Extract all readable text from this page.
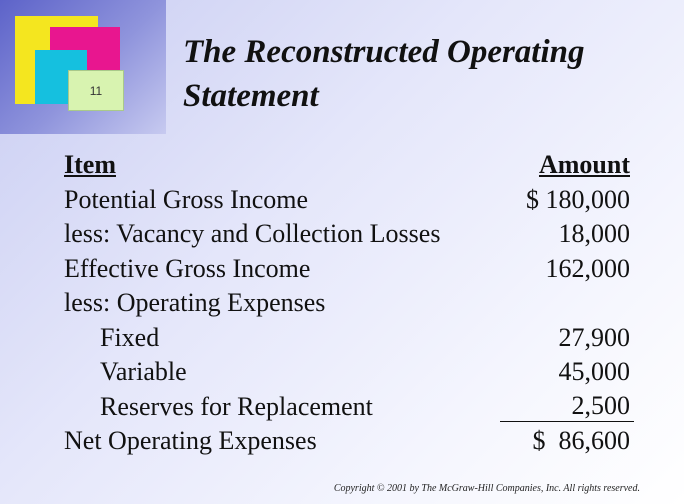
11
The Reconstructed Operating
Statement
Item	Amount
Potential Gross Income	$ 180,000
less: Vacancy and Collection Losses	18,000
Effective Gross Income	162,000
less: Operating Expenses
Fixed	27,900
Variable	45,000
Reserves for Replacement	2,500
Net Operating Expenses	$  86,600
Copyright © 2001 by The McGraw-Hill Companies, Inc. All rights reserved.
